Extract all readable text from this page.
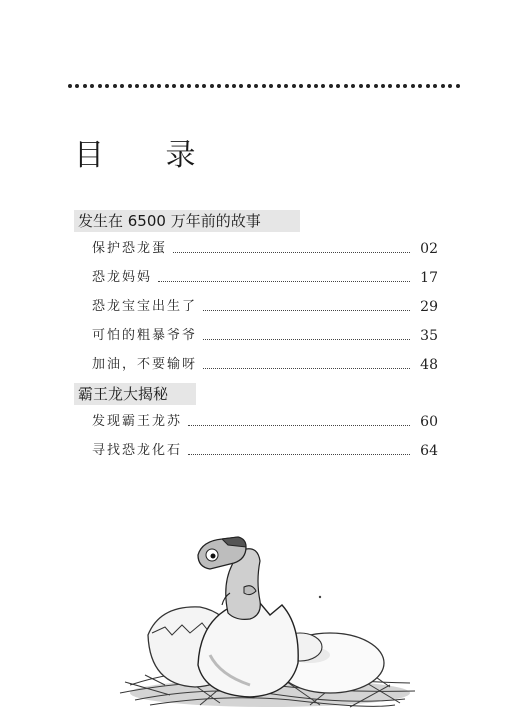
目 录
发生在 6500 万年前的故事
保护恐龙蛋	02
恐龙妈妈	17
恐龙宝宝出生了	29
可怕的粗暴爷爷	35
加油，不要输呀	48
霸王龙大揭秘
发现霸王龙苏	60
寻找恐龙化石	64
